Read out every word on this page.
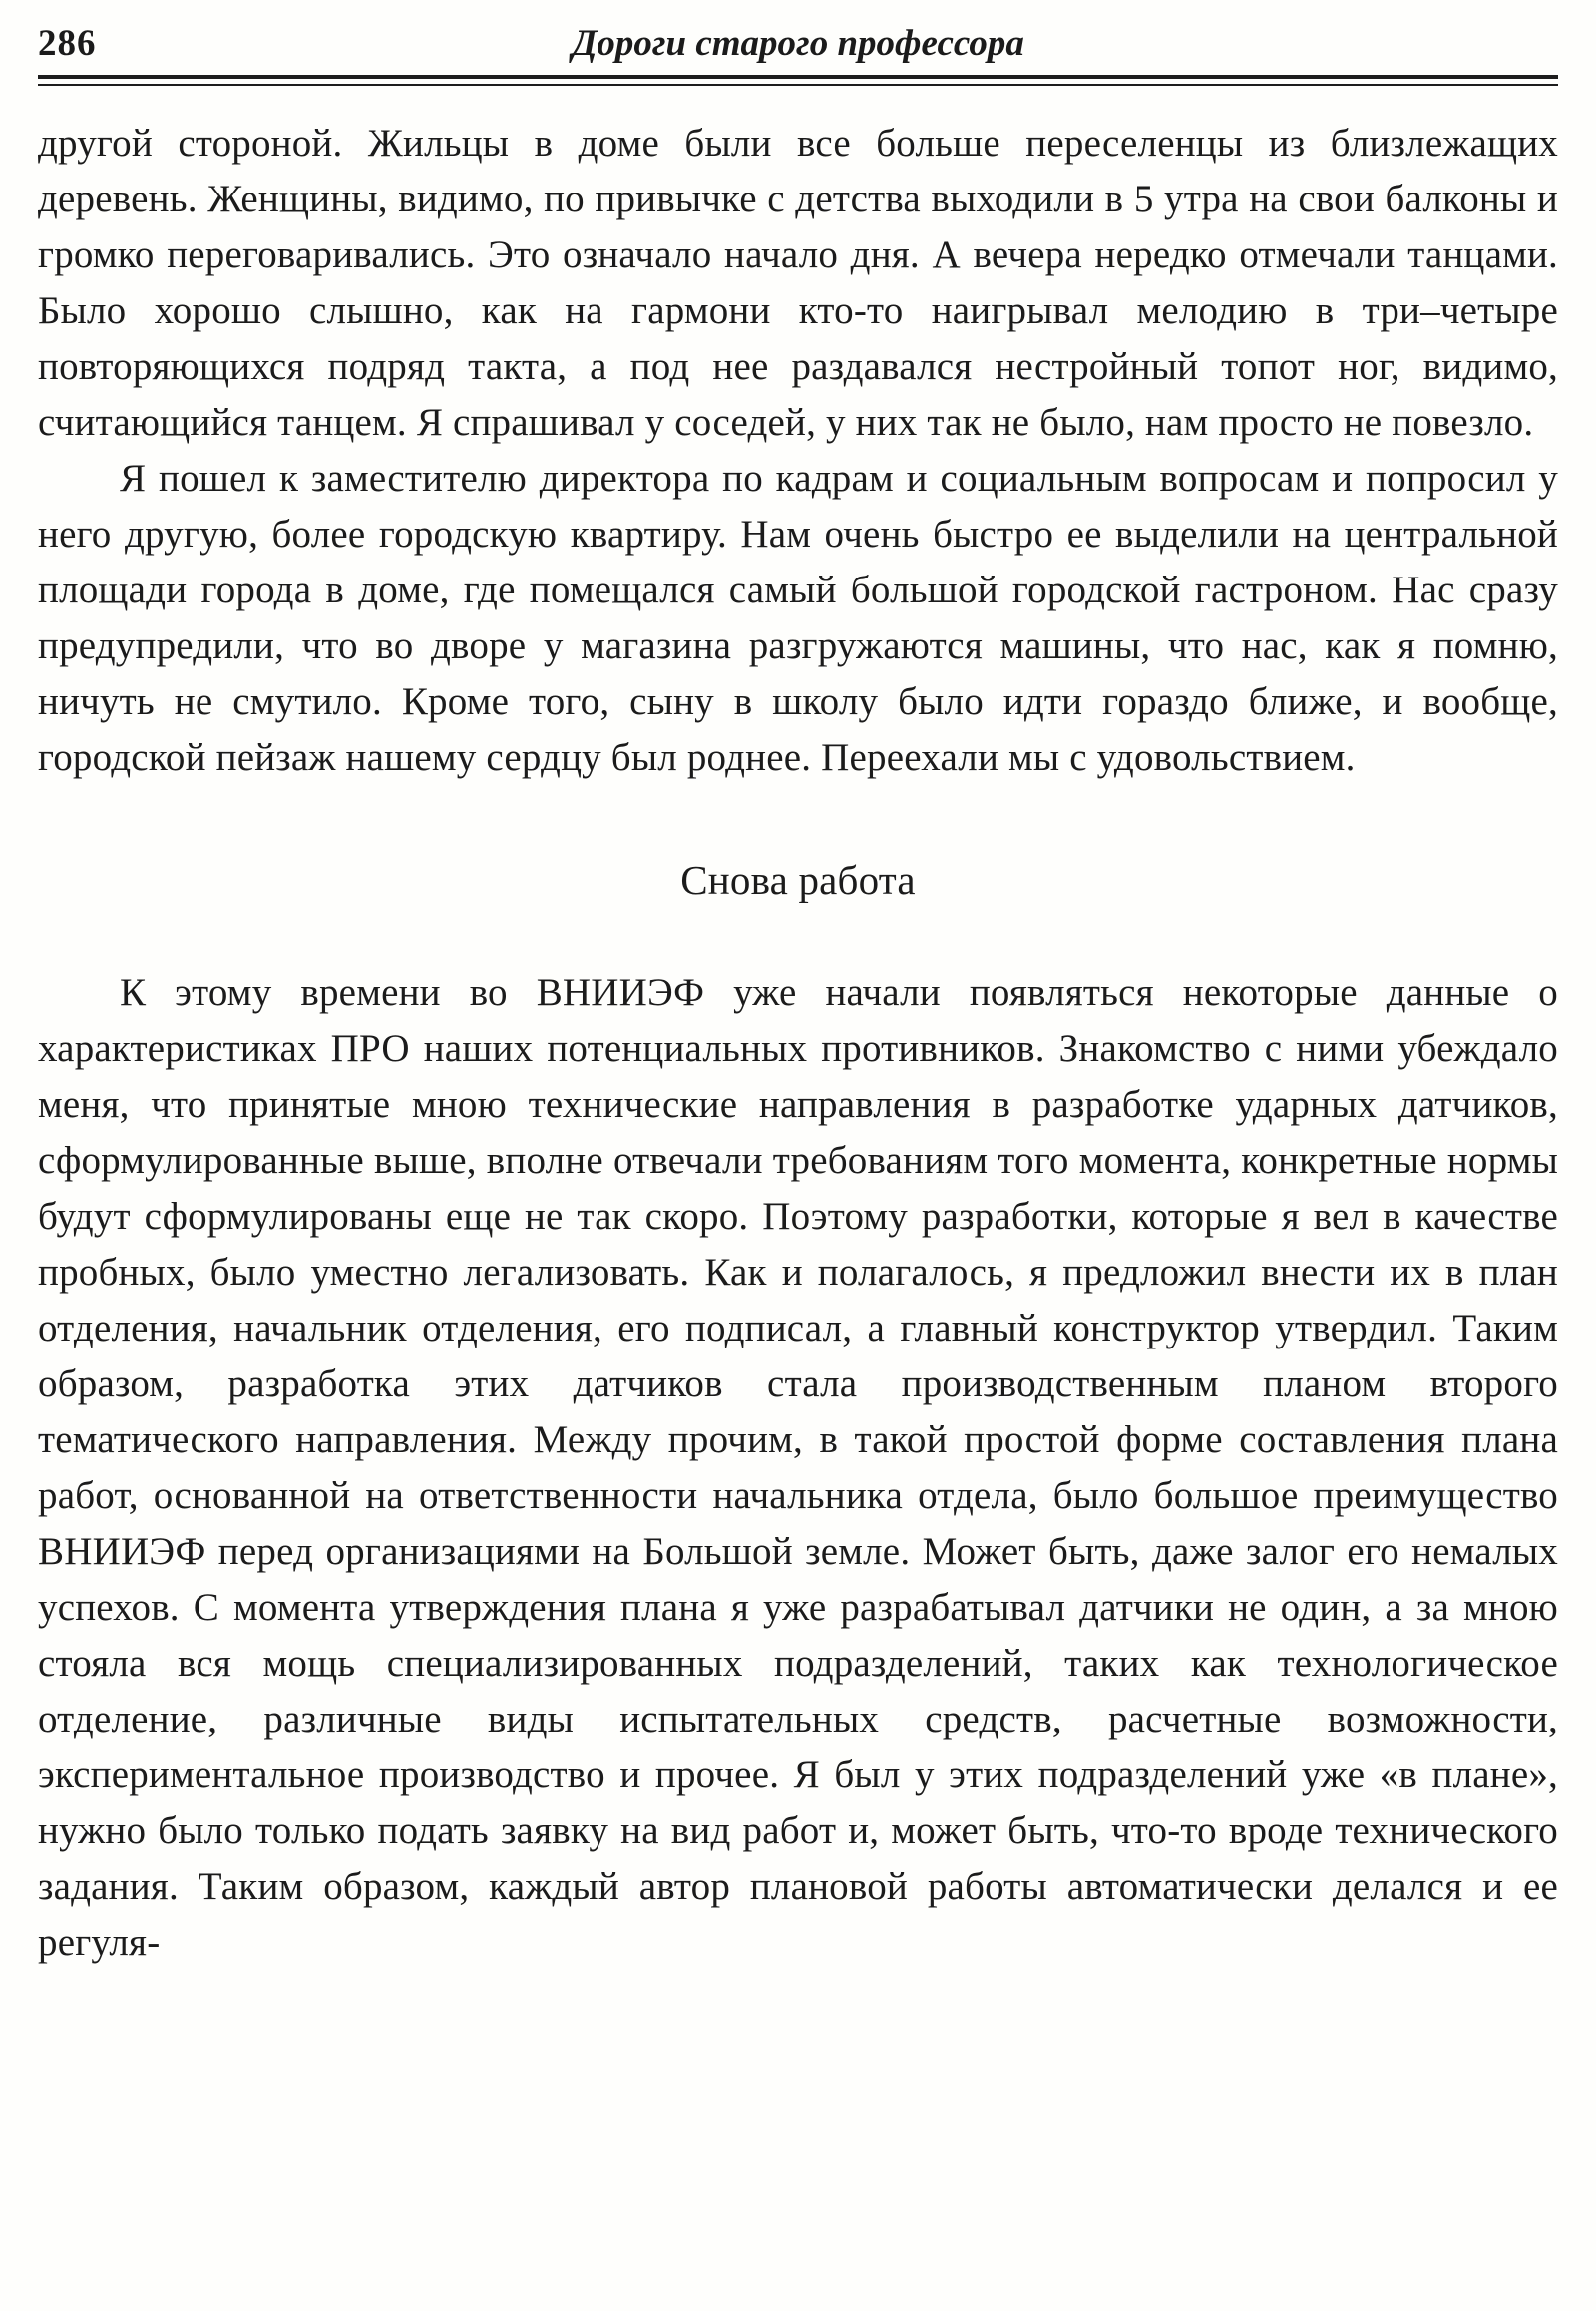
286	Дороги старого профессора

другой стороной. Жильцы в доме были все больше переселенцы из близлежащих деревень. Женщины, видимо, по привычке с детства выходили в 5 утра на свои балконы и громко переговаривались. Это означало начало дня. А вечера нередко отмечали танцами. Было хорошо слышно, как на гармони кто-то наигрывал мелодию в три–четыре повторяющихся подряд такта, а под нее раздавался нестройный топот ног, видимо, считающийся танцем. Я спрашивал у соседей, у них так не было, нам просто не повезло.

Я пошел к заместителю директора по кадрам и социальным вопросам и попросил у него другую, более городскую квартиру. Нам очень быстро ее выделили на центральной площади города в доме, где помещался самый большой городской гастроном. Нас сразу предупредили, что во дворе у магазина разгружаются машины, что нас, как я помню, ничуть не смутило. Кроме того, сыну в школу было идти гораздо ближе, и вообще, городской пейзаж нашему сердцу был роднее. Переехали мы с удовольствием.

Снова работа

К этому времени во ВНИИЭФ уже начали появляться некоторые данные о характеристиках ПРО наших потенциальных противников. Знакомство с ними убеждало меня, что принятые мною технические направления в разработке ударных датчиков, сформулированные выше, вполне отвечали требованиям того момента, конкретные нормы будут сформулированы еще не так скоро. Поэтому разработки, которые я вел в качестве пробных, было уместно легализовать. Как и полагалось, я предложил внести их в план отделения, начальник отделения, его подписал, а главный конструктор утвердил. Таким образом, разработка этих датчиков стала производственным планом второго тематического направления. Между прочим, в такой простой форме составления плана работ, основанной на ответственности начальника отдела, было большое преимущество ВНИИЭФ перед организациями на Большой земле. Может быть, даже залог его немалых успехов. С момента утверждения плана я уже разрабатывал датчики не один, а за мною стояла вся мощь специализированных подразделений, таких как технологическое отделение, различные виды испытательных средств, расчетные возможности, экспериментальное производство и прочее. Я был у этих подразделений уже «в плане», нужно было только подать заявку на вид работ и, может быть, что-то вроде технического задания. Таким образом, каждый автор плановой работы автоматически делался и ее регуля-
